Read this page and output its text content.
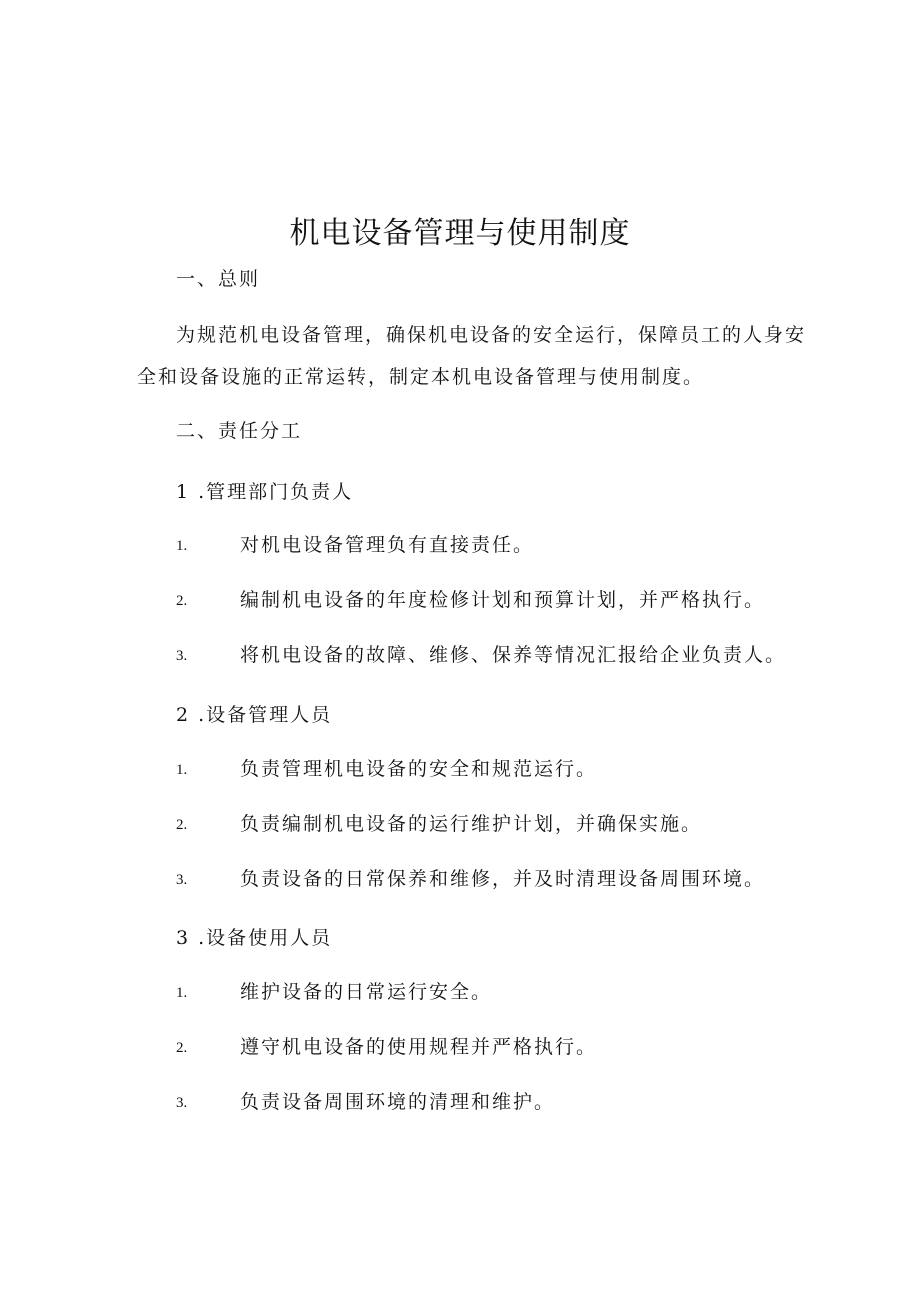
机电设备管理与使用制度
一、总则
为规范机电设备管理，确保机电设备的安全运行，保障员工的人身安
全和设备设施的正常运转，制定本机电设备管理与使用制度。
二、责任分工
1 .管理部门负责人
1.	对机电设备管理负有直接责任。
2.	编制机电设备的年度检修计划和预算计划，并严格执行。
3.	将机电设备的故障、维修、保养等情况汇报给企业负责人。
2 .设备管理人员
1.	负责管理机电设备的安全和规范运行。
2.	负责编制机电设备的运行维护计划，并确保实施。
3.	负责设备的日常保养和维修，并及时清理设备周围环境。
3 .设备使用人员
1.	维护设备的日常运行安全。
2.	遵守机电设备的使用规程并严格执行。
3.	负责设备周围环境的清理和维护。
